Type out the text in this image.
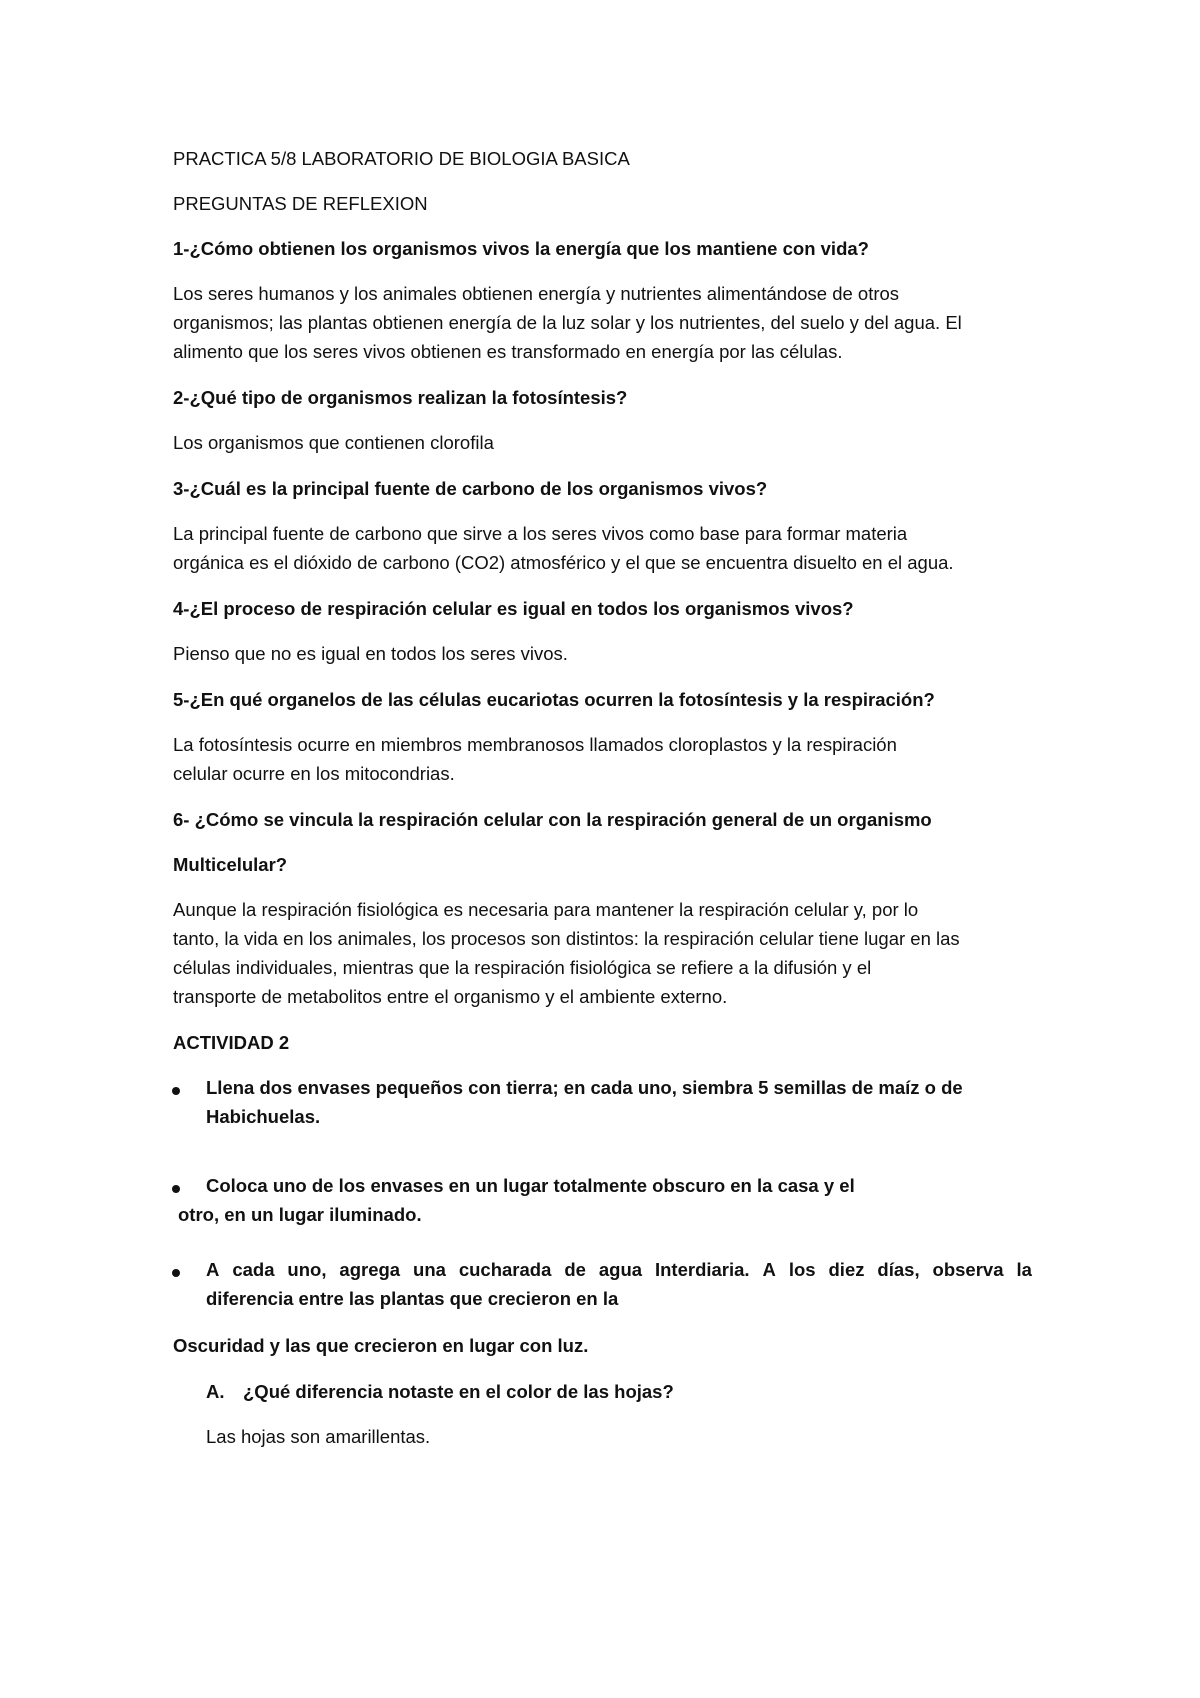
PRACTICA 5/8 LABORATORIO DE BIOLOGIA BASICA

PREGUNTAS DE REFLEXION

1-¿Cómo obtienen los organismos vivos la energía que los mantiene con vida?

Los seres humanos y los animales obtienen energía y nutrientes alimentándose de otros

organismos; las plantas obtienen energía de la luz solar y los nutrientes, del suelo y del agua. El

alimento que los seres vivos obtienen es transformado en energía por las células.

2-¿Qué tipo de organismos realizan la fotosíntesis?

Los organismos que contienen clorofila

3-¿Cuál es la principal fuente de carbono de los organismos vivos?

La principal fuente de carbono que sirve a los seres vivos como base para formar materia

orgánica es el dióxido de carbono (CO2) atmosférico y el que se encuentra disuelto en el agua.

4-¿El proceso de respiración celular es igual en todos los organismos vivos?

Pienso que no es igual en todos los seres vivos.

5-¿En qué organelos de las células eucariotas ocurren la fotosíntesis y la respiración?

La fotosíntesis ocurre en miembros membranosos llamados cloroplastos y la respiración

celular ocurre en los mitocondrias.

6- ¿Cómo se vincula la respiración celular con la respiración general de un organismo

Multicelular?

Aunque la respiración fisiológica es necesaria para mantener la respiración celular y, por lo

tanto, la vida en los animales, los procesos son distintos: la respiración celular tiene lugar en las

células individuales, mientras que la respiración fisiológica se refiere a la difusión y el

transporte de metabolitos entre el organismo y el ambiente externo.

ACTIVIDAD 2

Llena dos envases pequeños con tierra; en cada uno, siembra 5 semillas de maíz o de

Habichuelas.

Coloca uno de los envases en un lugar totalmente obscuro en la casa y el

otro, en un lugar iluminado.

A cada uno, agrega una cucharada de agua Interdiaria. A los diez días, observa la

diferencia entre las plantas que crecieron en la

Oscuridad y las que crecieron en lugar con luz.

A. ¿Qué diferencia notaste en el color de las hojas?

Las hojas son amarillentas.
